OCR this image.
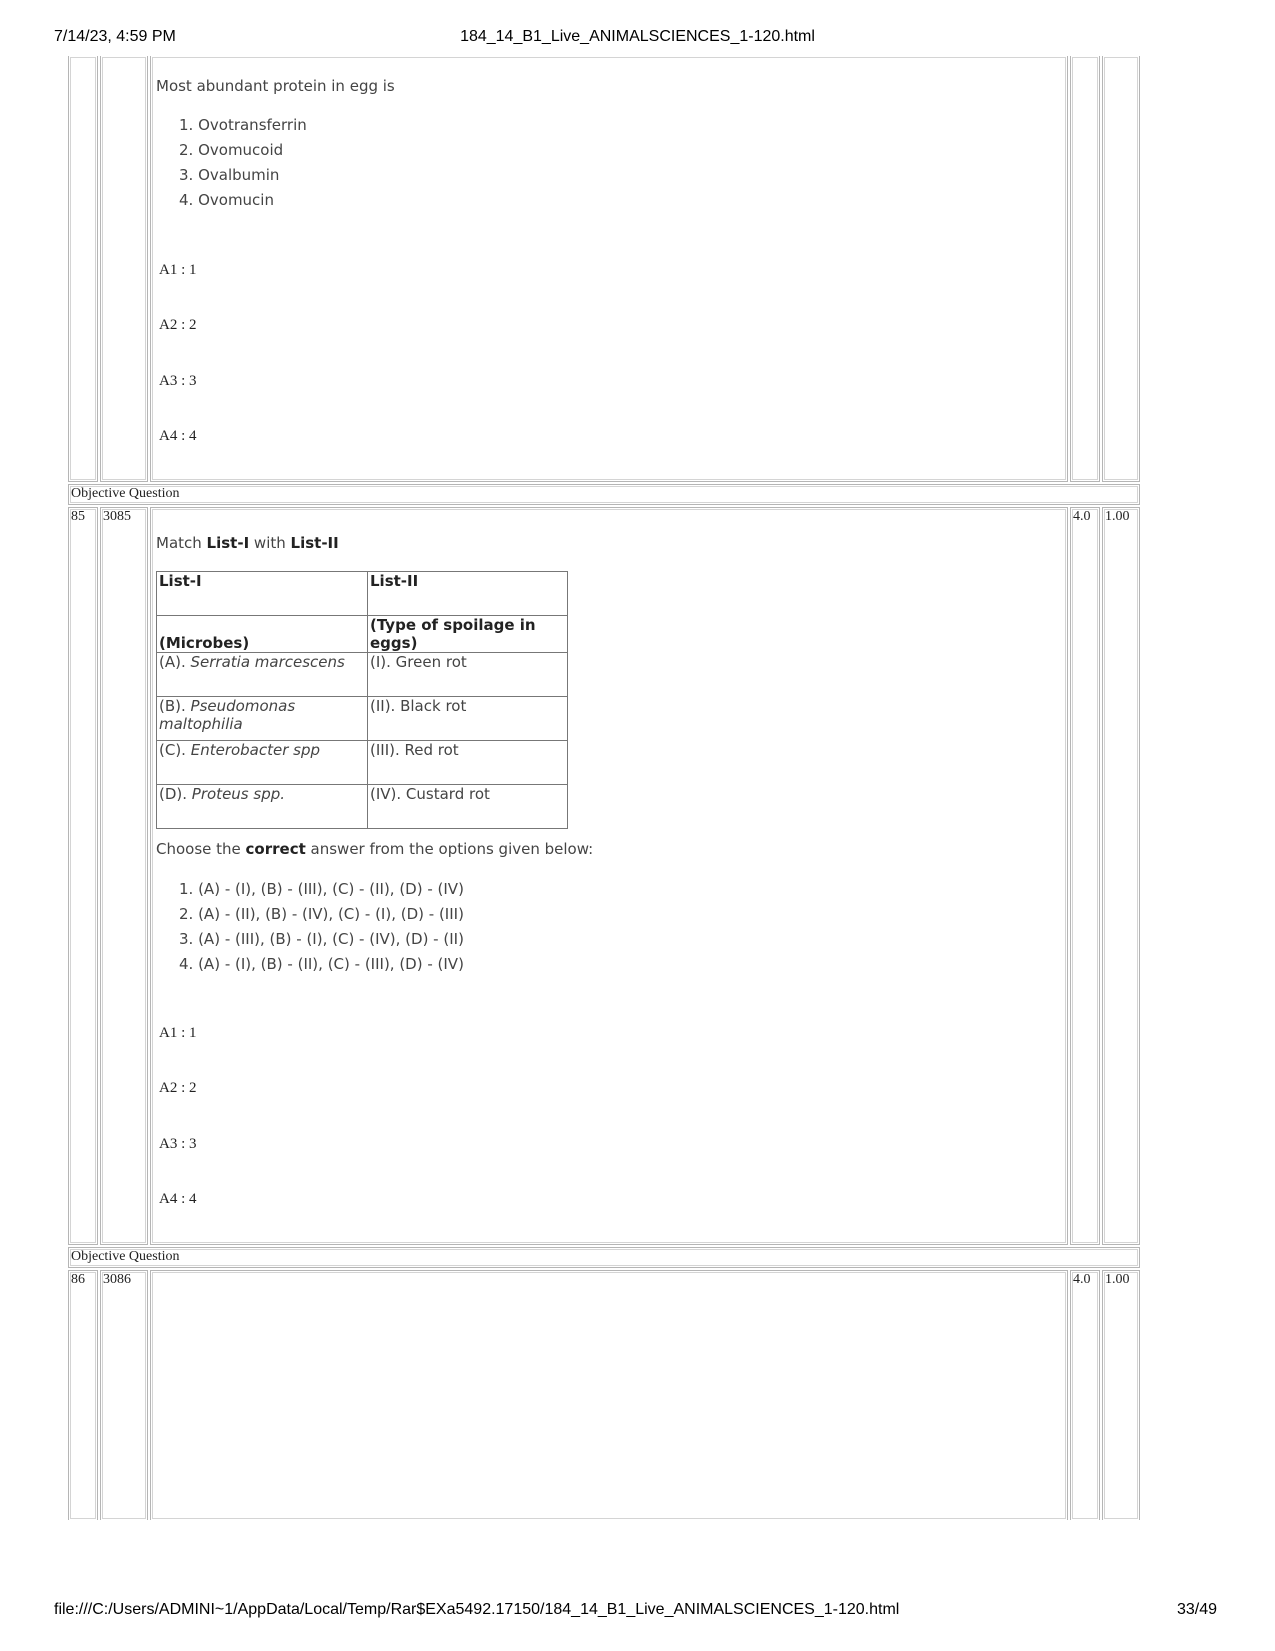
7/14/23, 4:59 PM	184_14_B1_Live_ANIMALSCIENCES_1-120.html
Most abundant protein in egg is
1. Ovotransferrin
2. Ovomucoid
3. Ovalbumin
4. Ovomucin
A1 : 1
A2 : 2
A3 : 3
A4 : 4
Objective Question
85	3085	4.0	1.00
Match List-I with List-II
List-I	List-II
(Microbes)	(Type of spoilage in eggs)
(A). Serratia marcescens	(I). Green rot
(B). Pseudomonas maltophilia	(II). Black rot
(C). Enterobacter spp	(III). Red rot
(D). Proteus spp.	(IV). Custard rot
Choose the correct answer from the options given below:
1. (A) - (I), (B) - (III), (C) - (II), (D) - (IV)
2. (A) - (II), (B) - (IV), (C) - (I), (D) - (III)
3. (A) - (III), (B) - (I), (C) - (IV), (D) - (II)
4. (A) - (I), (B) - (II), (C) - (III), (D) - (IV)
A1 : 1
A2 : 2
A3 : 3
A4 : 4
Objective Question
86	3086	4.0	1.00
file:///C:/Users/ADMINI~1/AppData/Local/Temp/Rar$EXa5492.17150/184_14_B1_Live_ANIMALSCIENCES_1-120.html	33/49
